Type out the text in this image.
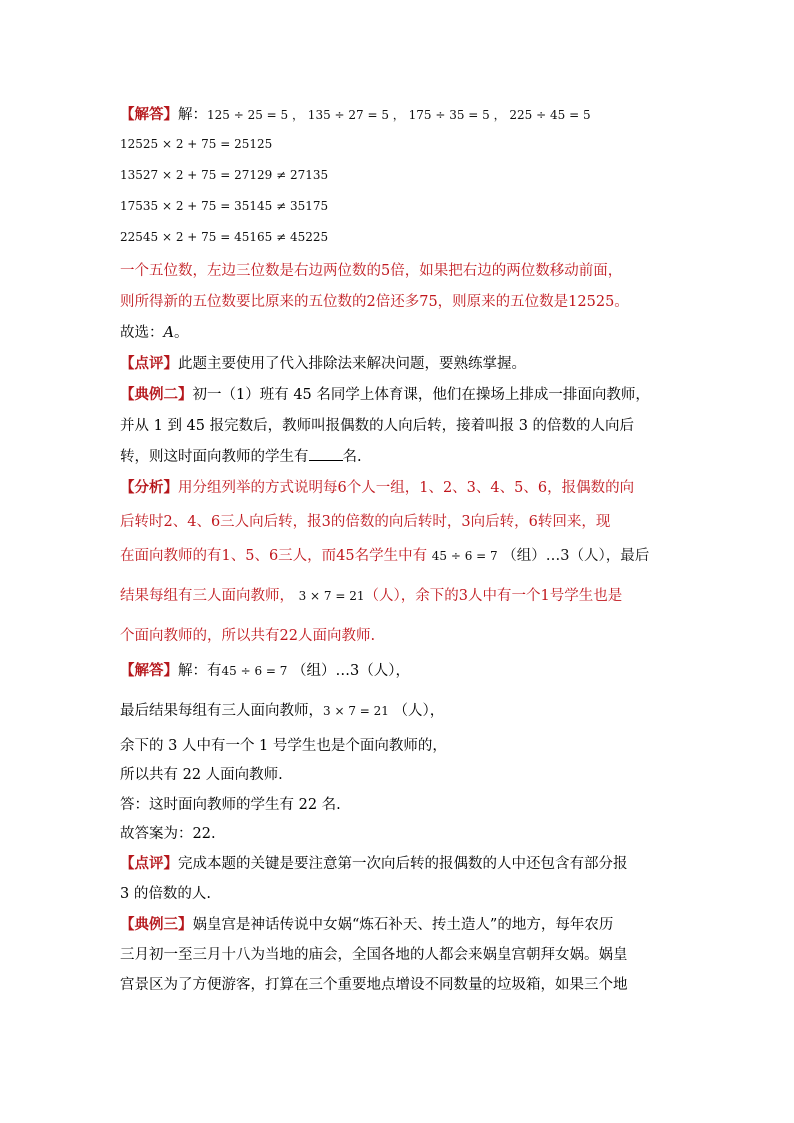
【解答】解：125 ÷ 25 = 5 ， 135 ÷ 27 = 5 ， 175 ÷ 35 = 5 ， 225 ÷ 45 = 5
12525 × 2 + 75 = 25125
13527 × 2 + 75 = 27129 ≠ 27135
17535 × 2 + 75 = 35145 ≠ 35175
22545 × 2 + 75 = 45165 ≠ 45225
一个五位数，左边三位数是右边两位数的5倍，如果把右边的两位数移动前面，
则所得新的五位数要比原来的五位数的2倍还多75，则原来的五位数是12525。
故选：A。
【点评】此题主要使用了代入排除法来解决问题，要熟练掌握。
【典例二】初一（1）班有 45 名同学上体育课，他们在操场上排成一排面向教师，
并从 1 到 45 报完数后，教师叫报偶数的人向后转，接着叫报 3 的倍数的人向后
转，则这时面向教师的学生有 名.
【分析】用分组列举的方式说明每6个人一组，1、2、3、4、5、6，报偶数的向
后转时2、4、6三人向后转，报3的倍数的向后转时，3向后转，6转回来，现
在面向教师的有1、5、6三人，而45名学生中有 45 ÷ 6 = 7 （组）…3（人），最后
结果每组有三人面向教师， 3 × 7 = 21（人），余下的3人中有一个1号学生也是
个面向教师的，所以共有22人面向教师.
【解答】解：有45 ÷ 6 = 7 （组）…3（人），
最后结果每组有三人面向教师，3 × 7 = 21 （人），
余下的 3 人中有一个 1 号学生也是个面向教师的，
所以共有 22 人面向教师.
答：这时面向教师的学生有 22 名.
故答案为：22.
【点评】完成本题的关键是要注意第一次向后转的报偶数的人中还包含有部分报
3 的倍数的人.
【典例三】娲皇宫是神话传说中女娲“炼石补天、抟土造人”的地方，每年农历
三月初一至三月十八为当地的庙会，全国各地的人都会来娲皇宫朝拜女娲。娲皇
宫景区为了方便游客，打算在三个重要地点增设不同数量的垃圾箱，如果三个地
